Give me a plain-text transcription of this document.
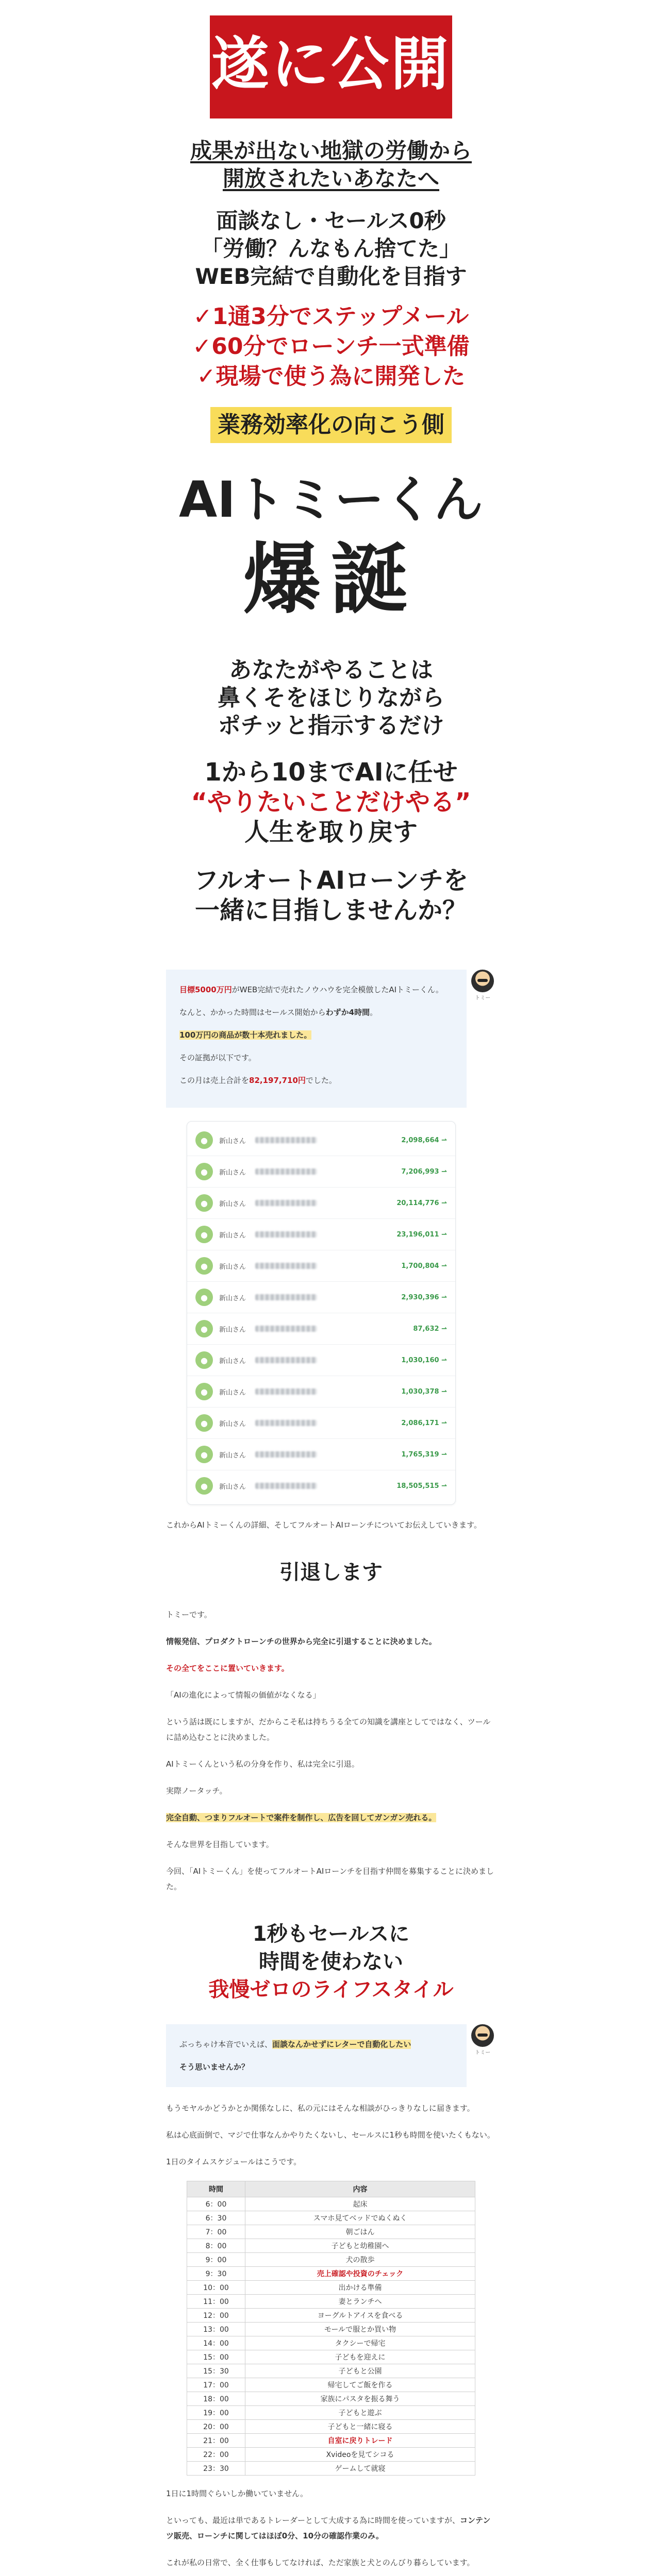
遂に公開
成果が出ない地獄の労働から
開放されたいあなたへ
面談なし・セールス0秒
「労働？んなもん捨てた」
WEB完結で自動化を目指す
✓1通3分でステップメール
✓60分でローンチ一式準備
✓現場で使う為に開発した
業務効率化の向こう側
AIトミーくん
爆誕
あなたがやることは
鼻くそをほじりながら
ポチッと指示するだけ
1から10までAIに任せ
“やりたいことだけやる”
人生を取り戻す
フルオートAIローンチを
一緒に目指しませんか？

目標5000万円がWEB完結で売れたノウハウを完全模倣したAIトミーくん。

なんと、かかった時間はセールス開始からわずか4時間。

100万円の商品が数十本売れました。

その証拠が以下です。

この月は売上合計を82,197,710円でした。

トミー
●	新山さん	2,098,664 ⇀
●	新山さん	7,206,993 ⇀
●	新山さん	20,114,776 ⇀
●	新山さん	23,196,011 ⇀
●	新山さん	1,700,804 ⇀
●	新山さん	2,930,396 ⇀
●	新山さん	87,632 ⇀
●	新山さん	1,030,160 ⇀
●	新山さん	1,030,378 ⇀
●	新山さん	2,086,171 ⇀
●	新山さん	1,765,319 ⇀
●	新山さん	18,505,515 ⇀

これからAIトミーくんの詳細、そしてフルオートAIローンチについてお伝えしていきます。

引退します

トミーです。

情報発信、プロダクトローンチの世界から完全に引退することに決めました。

その全てをここに置いていきます。

「AIの進化によって情報の価値がなくなる」

という話は既にしますが、だからこそ私は持ちうる全ての知識を講座としてではなく、ツールに詰め込むことに決めました。

AIトミーくんという私の分身を作り、私は完全に引退。

実際ノータッチ。

完全自動、つまりフルオートで案件を制作し、広告を回してガンガン売れる。

そんな世界を目指しています。

今回、「AIトミーくん」を使ってフルオートAIローンチを目指す仲間を募集することに決めました。

1秒もセールスに
時間を使わない
我慢ゼロのライフスタイル

ぶっちゃけ本音でいえば、面談なんかせずにレターで自動化したい

そう思いませんか？

トミー

もうモヤルかどうかとか関係なしに、私の元にはそんな相談がひっきりなしに届きます。

私は心底面倒で、マジで仕事なんかやりたくないし、セールスに1秒も時間を使いたくもない。

1日のタイムスケジュールはこうです。

時間	内容
6：00	起床
6：30	スマホ見てベッドでぬくぬく
7：00	朝ごはん
8：00	子どもと幼稚園へ
9：00	犬の散歩
9：30	売上確認や投資のチェック
10：00	出かける準備
11：00	妻とランチへ
12：00	ヨーグルトアイスを食べる
13：00	モールで服とか買い物
14：00	タクシーで帰宅
15：00	子どもを迎えに
15：30	子どもと公園
17：00	帰宅してご飯を作る
18：00	家族にパスタを振る舞う
19：00	子どもと遊ぶ
20：00	子どもと一緒に寝る
21：00	自室に戻りトレード
22：00	Xvideoを見てシコる
23：30	ゲームして就寝

1日に1時間ぐらいしか働いていません。

といっても、最近は単であるトレーダーとして大成する為に時間を使っていますが、コンテンツ販売、ローンチに関してはほぼ0分、10分の確認作業のみ。

これが私の日常で、全く仕事もしてなければ、ただ家族と犬とのんびり暮らしています。
